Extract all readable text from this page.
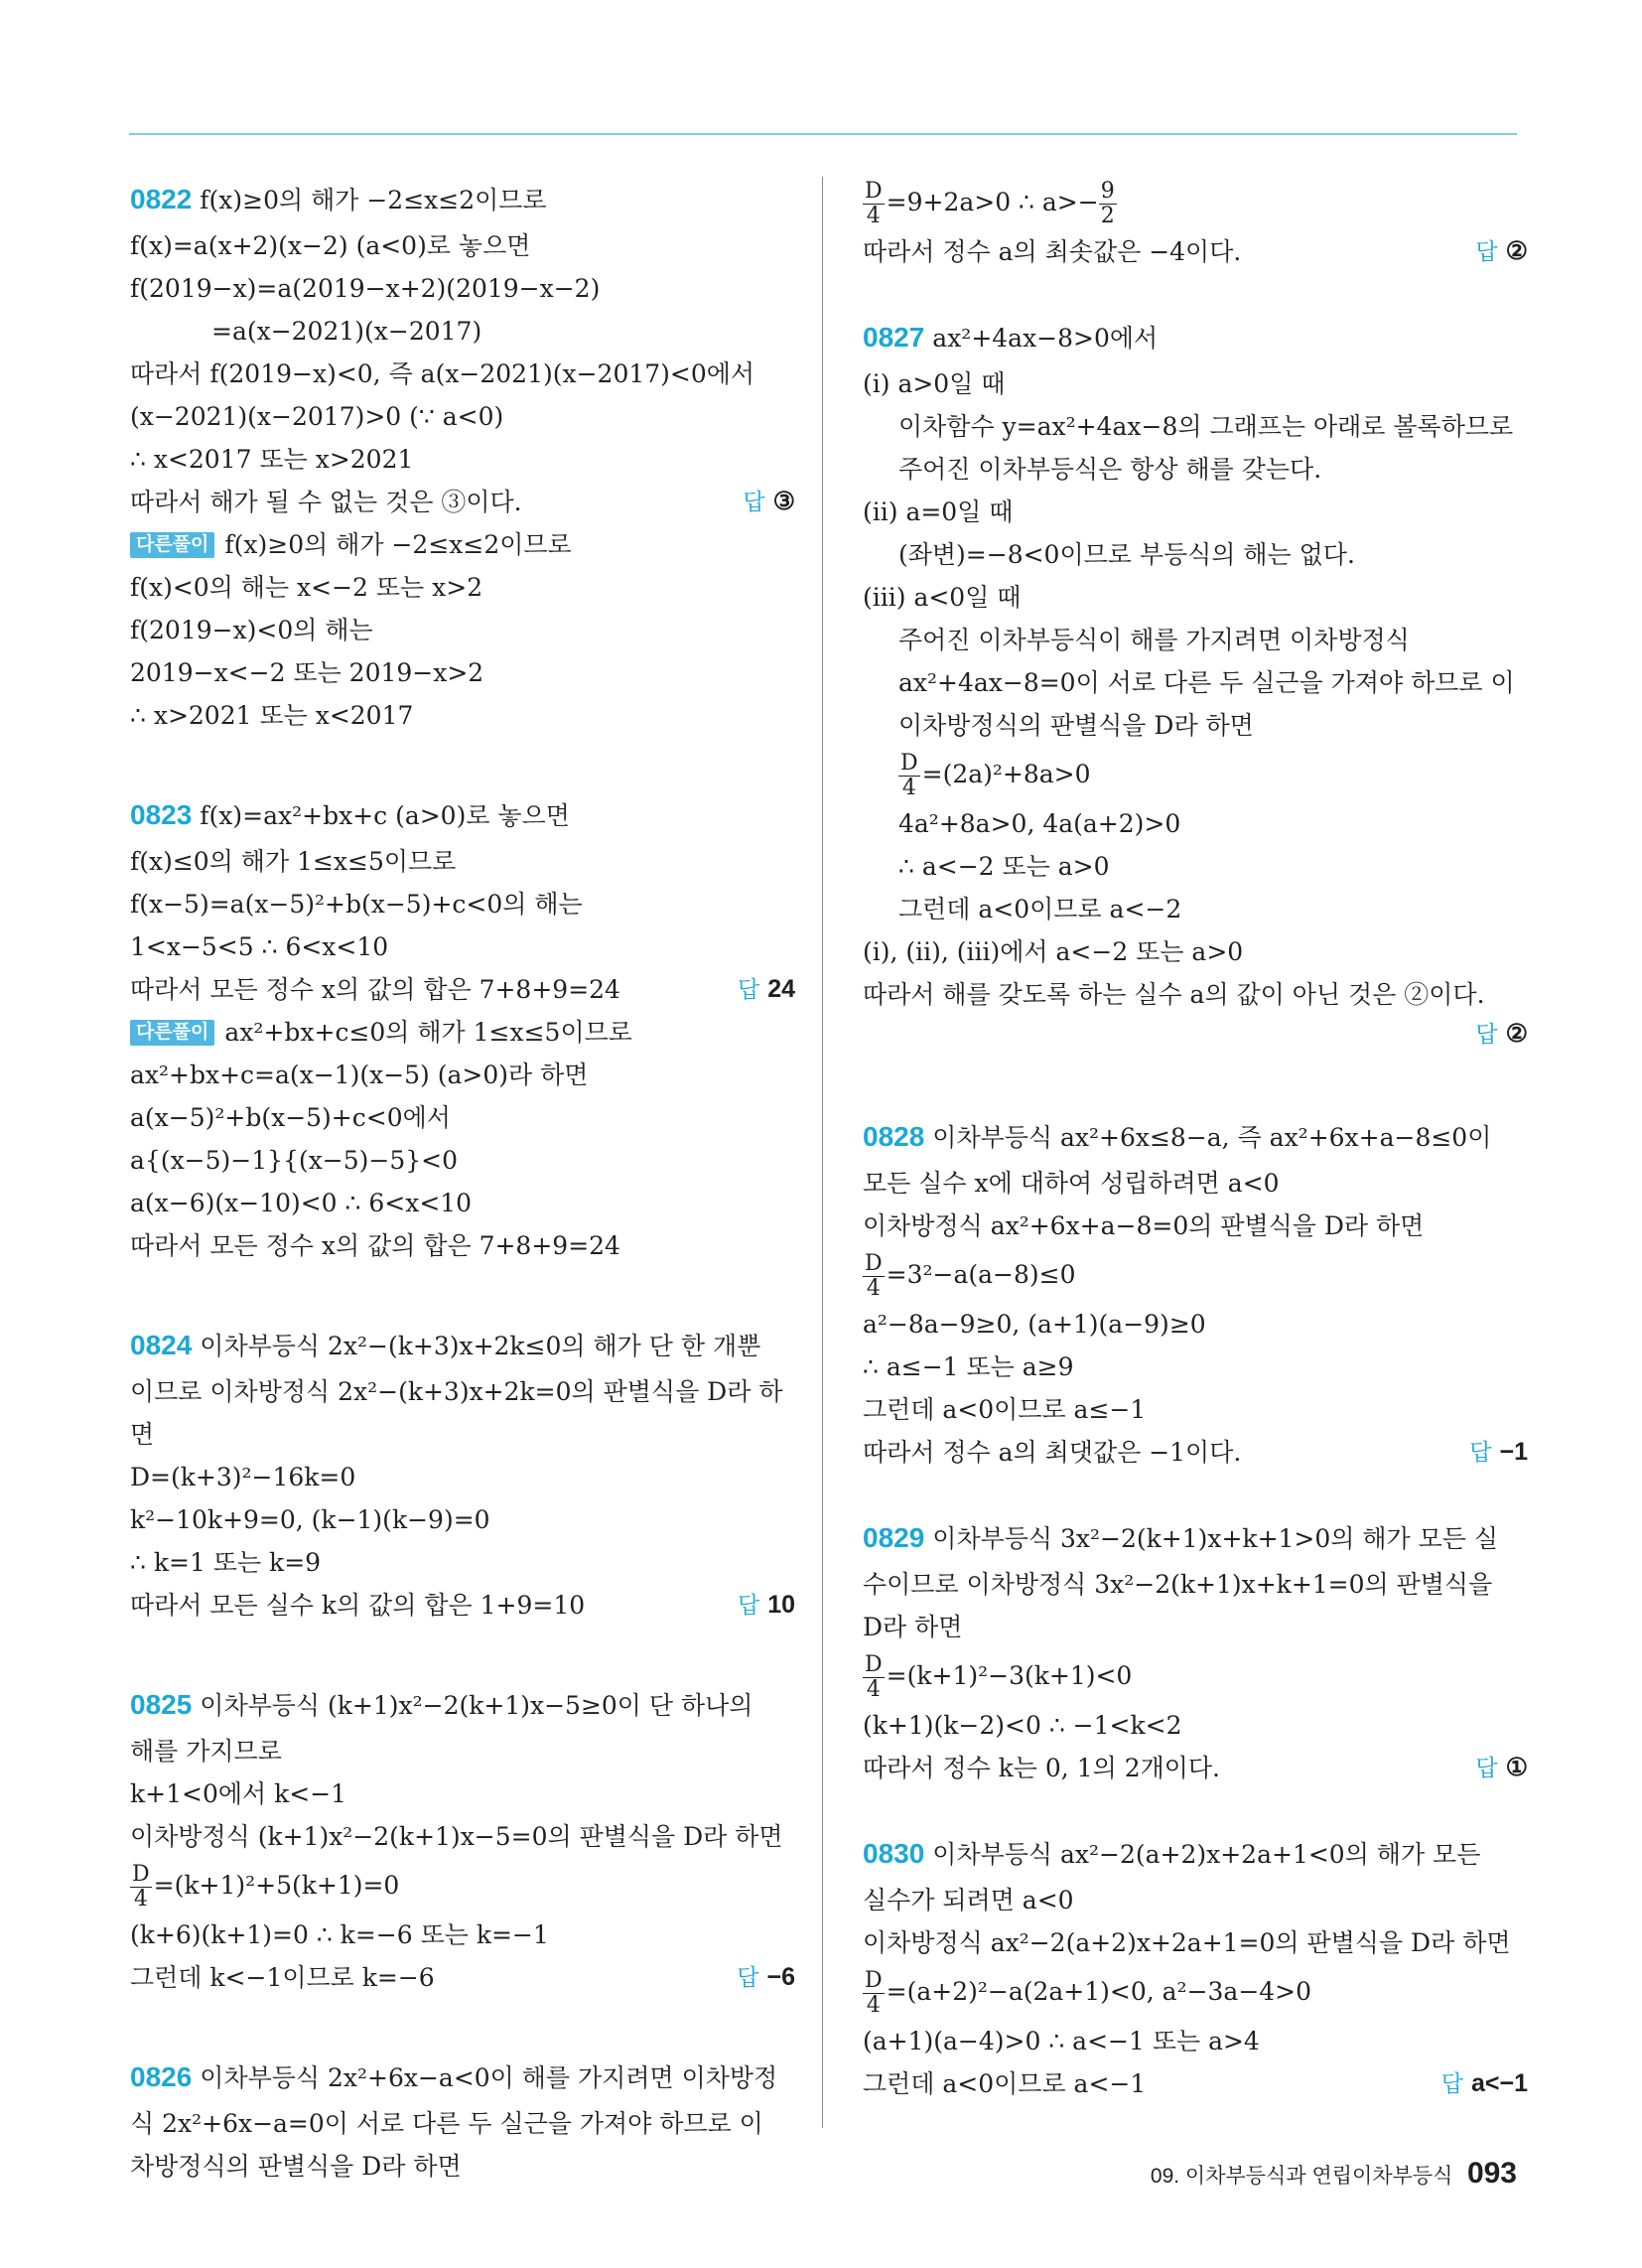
0822 f(x)≥0의 해가 −2≤x≤2이므로
f(x)=a(x+2)(x−2) (a<0)로 놓으면
f(2019−x)=a(2019−x+2)(2019−x−2)
=a(x−2021)(x−2017)
따라서 f(2019−x)<0, 즉 a(x−2021)(x−2017)<0에서
(x−2021)(x−2017)>0 (∵ a<0)
∴ x<2017 또는 x>2021
따라서 해가 될 수 없는 것은 ③이다.	답 ③
다른풀이 f(x)≥0의 해가 −2≤x≤2이므로
f(x)<0의 해는 x<−2 또는 x>2
f(2019−x)<0의 해는
2019−x<−2 또는 2019−x>2
∴ x>2021 또는 x<2017
0823 f(x)=ax²+bx+c (a>0)로 놓으면
f(x)≤0의 해가 1≤x≤5이므로
f(x−5)=a(x−5)²+b(x−5)+c<0의 해는
1<x−5<5 ∴ 6<x<10
따라서 모든 정수 x의 값의 합은 7+8+9=24	답 24
다른풀이 ax²+bx+c≤0의 해가 1≤x≤5이므로
ax²+bx+c=a(x−1)(x−5) (a>0)라 하면
a(x−5)²+b(x−5)+c<0에서
a{(x−5)−1}{(x−5)−5}<0
a(x−6)(x−10)<0 ∴ 6<x<10
따라서 모든 정수 x의 값의 합은 7+8+9=24
0824 이차부등식 2x²−(k+3)x+2k≤0의 해가 단 한 개뿐
이므로 이차방정식 2x²−(k+3)x+2k=0의 판별식을 D라 하
면
D=(k+3)²−16k=0
k²−10k+9=0, (k−1)(k−9)=0
∴ k=1 또는 k=9
따라서 모든 실수 k의 값의 합은 1+9=10	답 10
0825 이차부등식 (k+1)x²−2(k+1)x−5≥0이 단 하나의
해를 가지므로
k+1<0에서 k<−1
이차방정식 (k+1)x²−2(k+1)x−5=0의 판별식을 D라 하면
$\frac{D}{4} =(k+1)^2+5(k+1)=0$
(k+6)(k+1)=0 ∴ k=−6 또는 k=−1
그런데 k<−1이므로 k=−6	답 −6
0826 이차부등식 2x²+6x−a<0이 해를 가지려면 이차방정
식 2x²+6x−a=0이 서로 다른 두 실근을 가져야 하므로 이
차방정식의 판별식을 D라 하면
$\frac{D}{4} =9+2a>0$ ∴ $a>- \frac{9}{2}$
따라서 정수 a의 최솟값은 −4이다.	답 ②
0827 ax²+4ax−8>0에서
(ⅰ) a>0일 때
이차함수 y=ax²+4ax−8의 그래프는 아래로 볼록하므로
주어진 이차부등식은 항상 해를 갖는다.
(ⅱ) a=0일 때
(좌변)=−8<0이므로 부등식의 해는 없다.
(ⅲ) a<0일 때
주어진 이차부등식이 해를 가지려면 이차방정식
ax²+4ax−8=0이 서로 다른 두 실근을 가져야 하므로 이
이차방정식의 판별식을 D라 하면
$\frac{D}{4} =(2a)^2+8a>0$
4a²+8a>0, 4a(a+2)>0
∴ a<−2 또는 a>0
그런데 a<0이므로 a<−2
(ⅰ), (ⅱ), (ⅲ)에서 a<−2 또는 a>0
따라서 해를 갖도록 하는 실수 a의 값이 아닌 것은 ②이다.
답 ②
0828 이차부등식 ax²+6x≤8−a, 즉 ax²+6x+a−8≤0이
모든 실수 x에 대하여 성립하려면 a<0
이차방정식 ax²+6x+a−8=0의 판별식을 D라 하면
$\frac{D}{4} =3^2-a(a-8)\le 0$
a²−8a−9≥0, (a+1)(a−9)≥0
∴ a≤−1 또는 a≥9
그런데 a<0이므로 a≤−1
따라서 정수 a의 최댓값은 −1이다.	답 −1
0829 이차부등식 3x²−2(k+1)x+k+1>0의 해가 모든 실
수이므로 이차방정식 3x²−2(k+1)x+k+1=0의 판별식을
D라 하면
$\frac{D}{4} =(k+1)^2-3(k+1)<0$
(k+1)(k−2)<0 ∴ −1<k<2
따라서 정수 k는 0, 1의 2개이다.	답 ①
0830 이차부등식 ax²−2(a+2)x+2a+1<0의 해가 모든
실수가 되려면 a<0
이차방정식 ax²−2(a+2)x+2a+1=0의 판별식을 D라 하면
$\frac{D}{4} =(a+2)^2-a(2a+1)<0$, a²−3a−4>0
(a+1)(a−4)>0 ∴ a<−1 또는 a>4
그런데 a<0이므로 a<−1	답 a<−1
09. 이차부등식과 연립이차부등식 093
